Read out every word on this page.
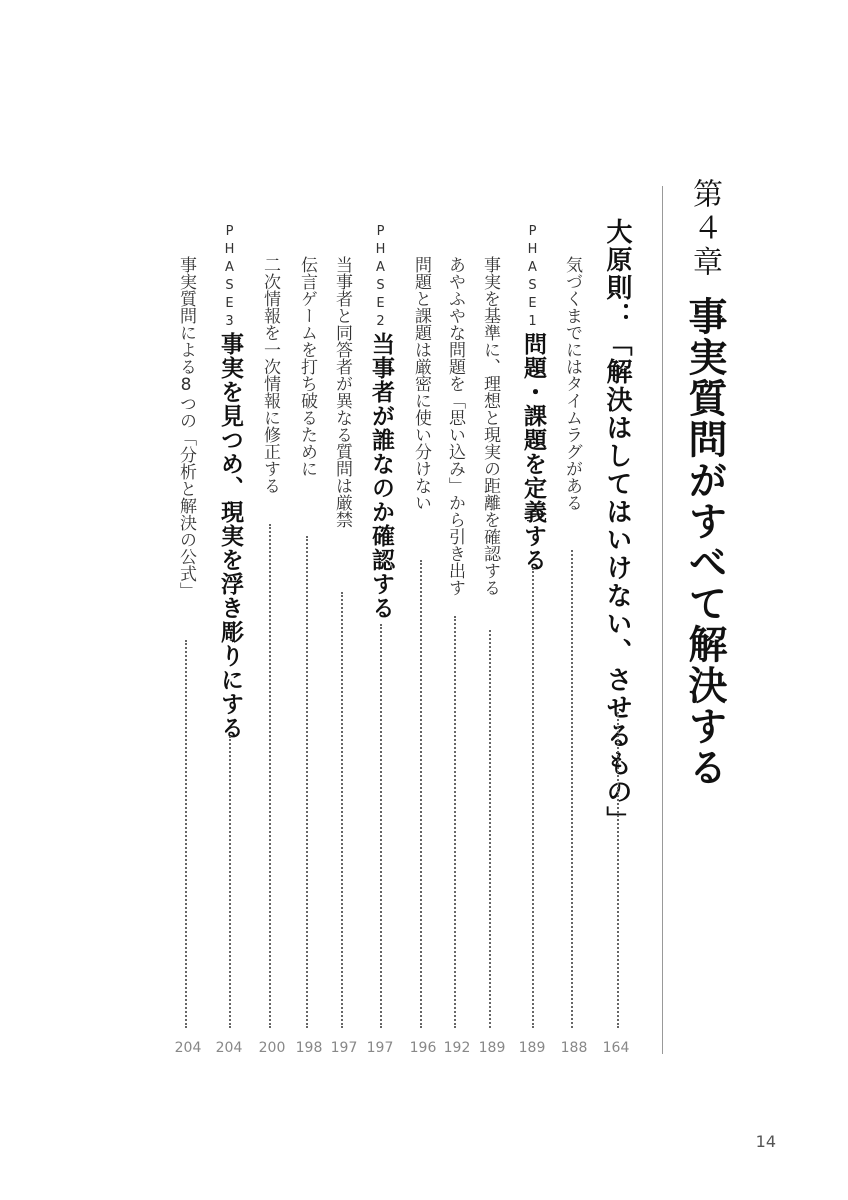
第４章
事実質問がすべて解決する
大原則：「解決はしてはいけない、させるもの」
164
気づくまでにはタイムラグがある
188
PHASE1
問題・課題を定義する
189
事実を基準に、理想と現実の距離を確認する
189
あやふやな問題を「思い込み」から引き出す
192
問題と課題は厳密に使い分けない
196
PHASE2
当事者が誰なのか確認する
197
当事者と同答者が異なる質問は厳禁
197
伝言ゲームを打ち破るために
198
二次情報を一次情報に修正する
200
PHASE3
事実を見つめ、現実を浮き彫りにする
204
事実質問による8つの「分析と解決の公式」
204
14
